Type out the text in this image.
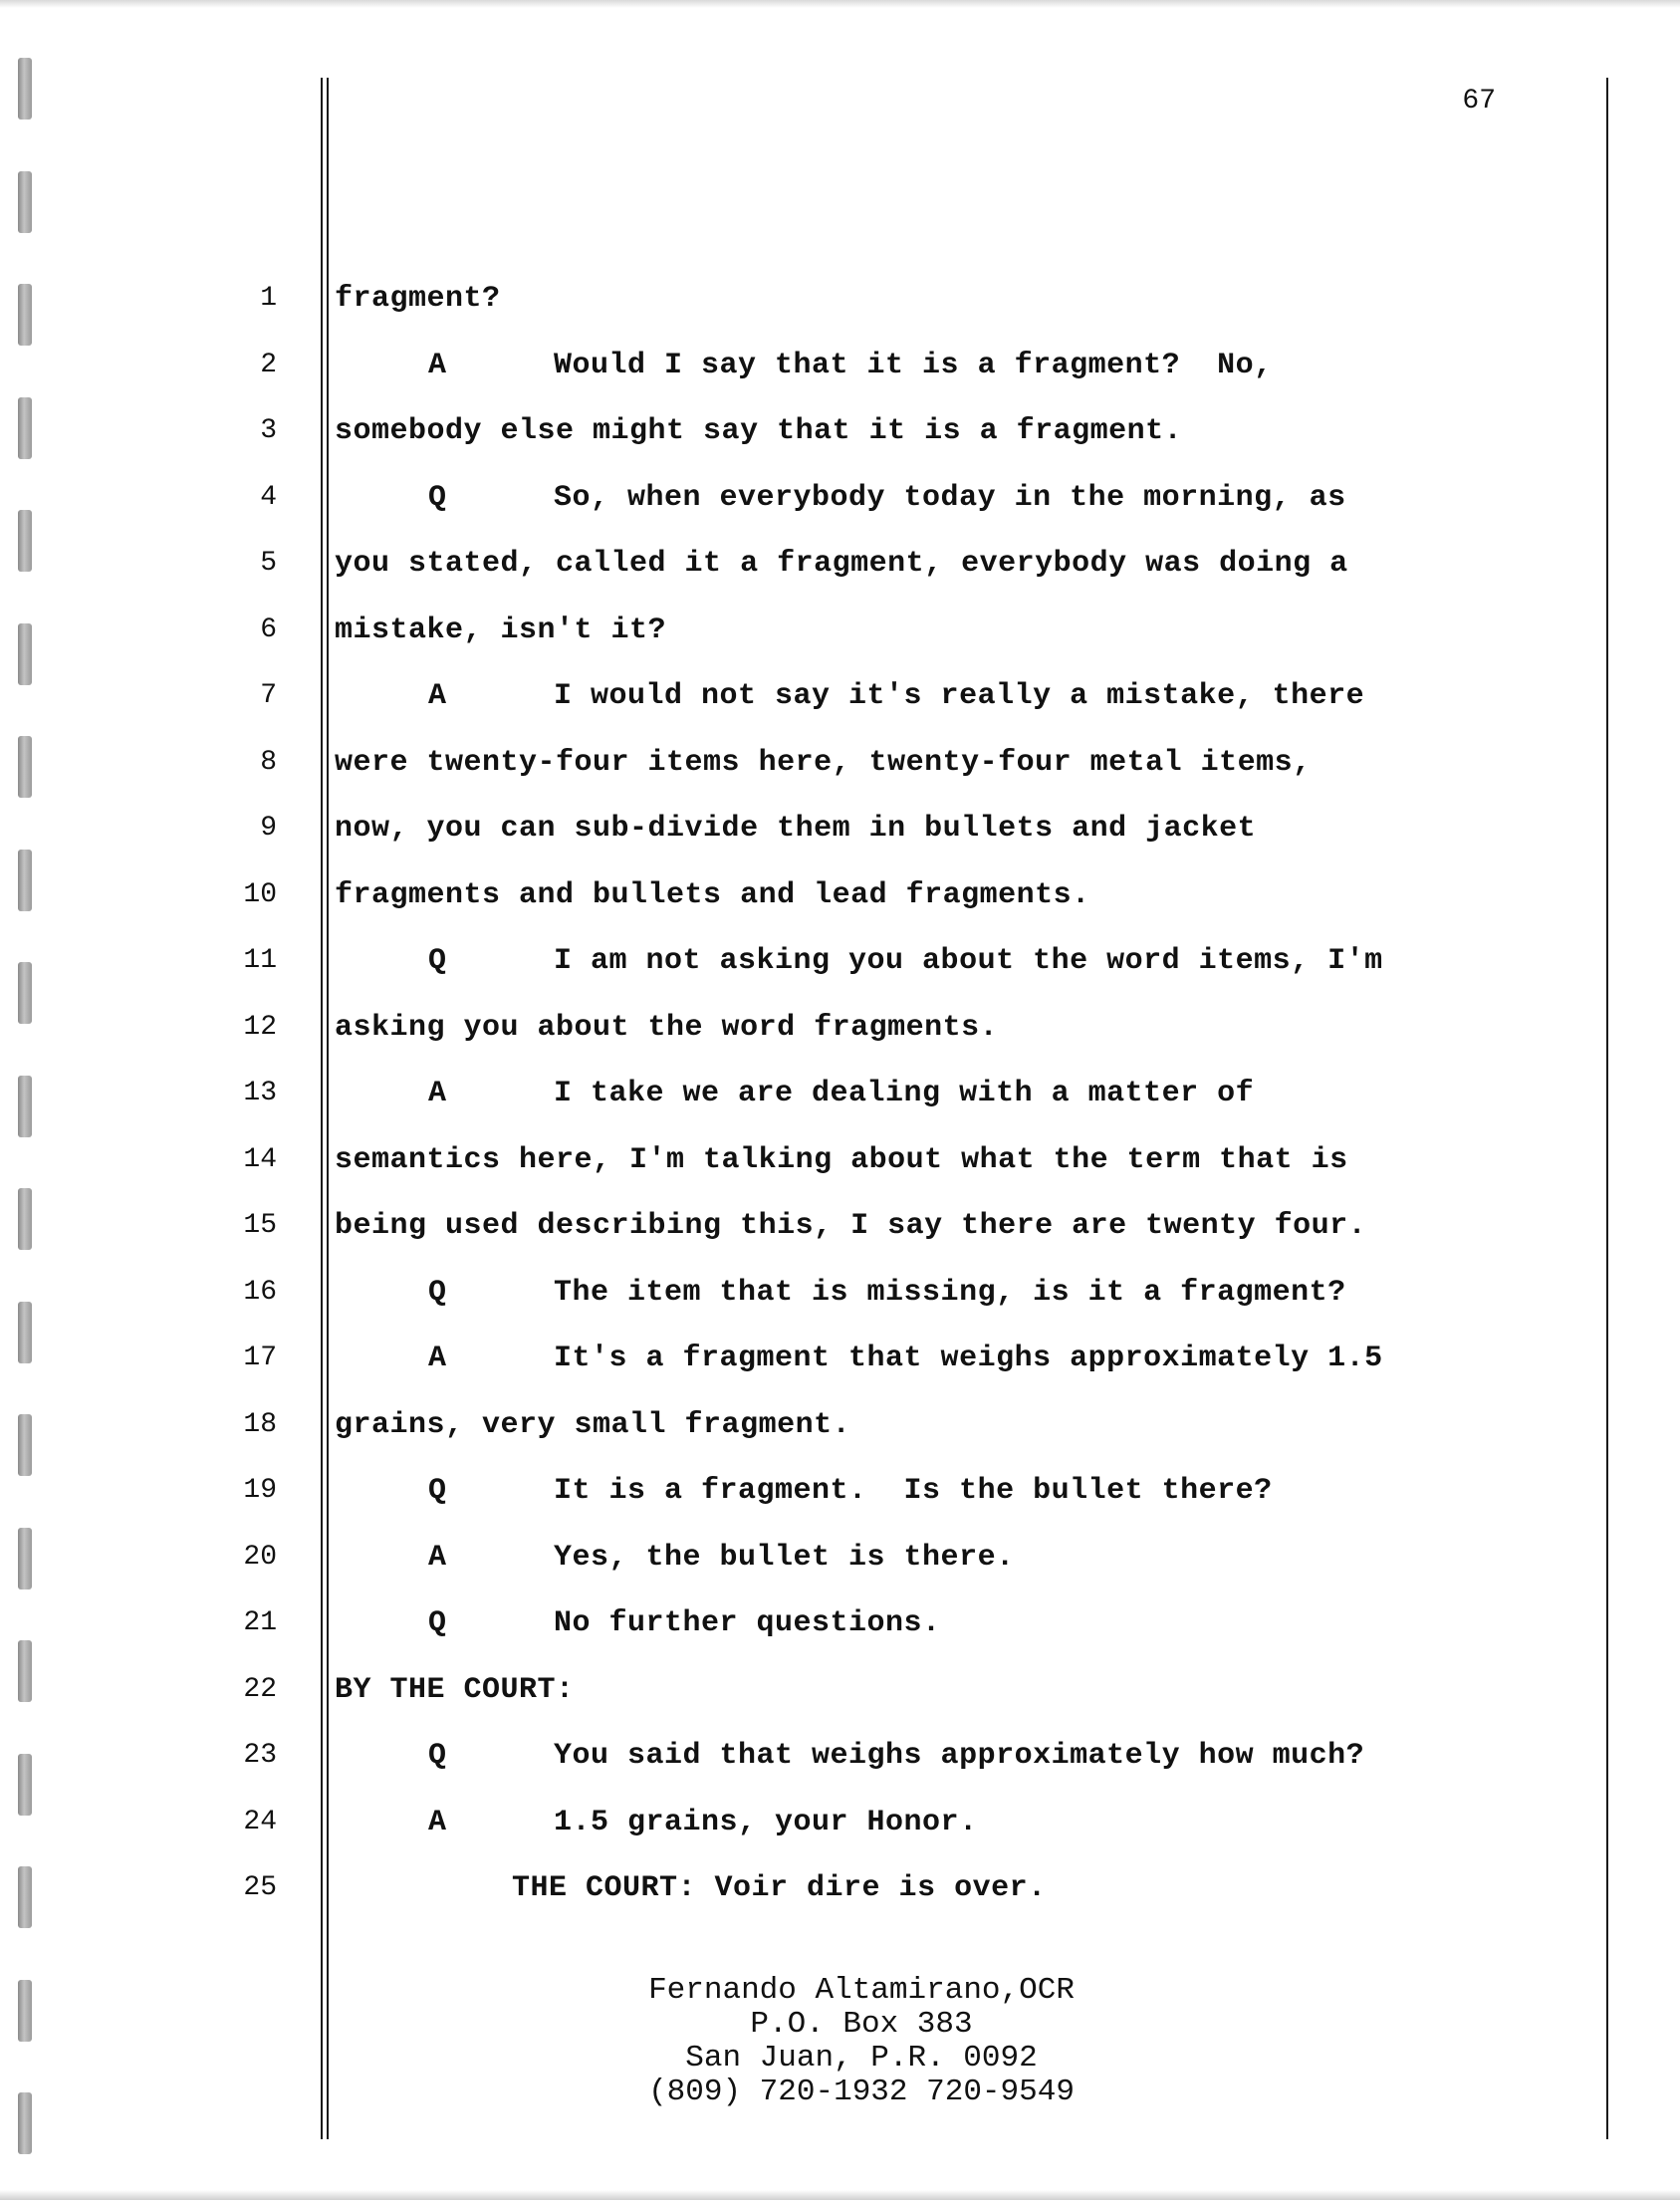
67
1 fragment?
2	A	Would I say that it is a fragment?  No,
3 somebody else might say that it is a fragment.
4	Q	So, when everybody today in the morning, as
5 you stated, called it a fragment, everybody was doing a
6 mistake, isn't it?
7	A	I would not say it's really a mistake, there
8 were twenty-four items here, twenty-four metal items,
9 now, you can sub-divide them in bullets and jacket
10 fragments and bullets and lead fragments.
11	Q	I am not asking you about the word items, I'm
12 asking you about the word fragments.
13	A	I take we are dealing with a matter of
14 semantics here, I'm talking about what the term that is
15 being used describing this, I say there are twenty four.
16	Q	The item that is missing, is it a fragment?
17	A	It's a fragment that weighs approximately 1.5
18 grains, very small fragment.
19	Q	It is a fragment.  Is the bullet there?
20	A	Yes, the bullet is there.
21	Q	No further questions.
22 BY THE COURT:
23	Q	You said that weighs approximately how much?
24	A	1.5 grains, your Honor.
25	THE COURT: Voir dire is over.
Fernando Altamirano,OCR
P.O. Box 383
San Juan, P.R. 0092
(809) 720-1932 720-9549
